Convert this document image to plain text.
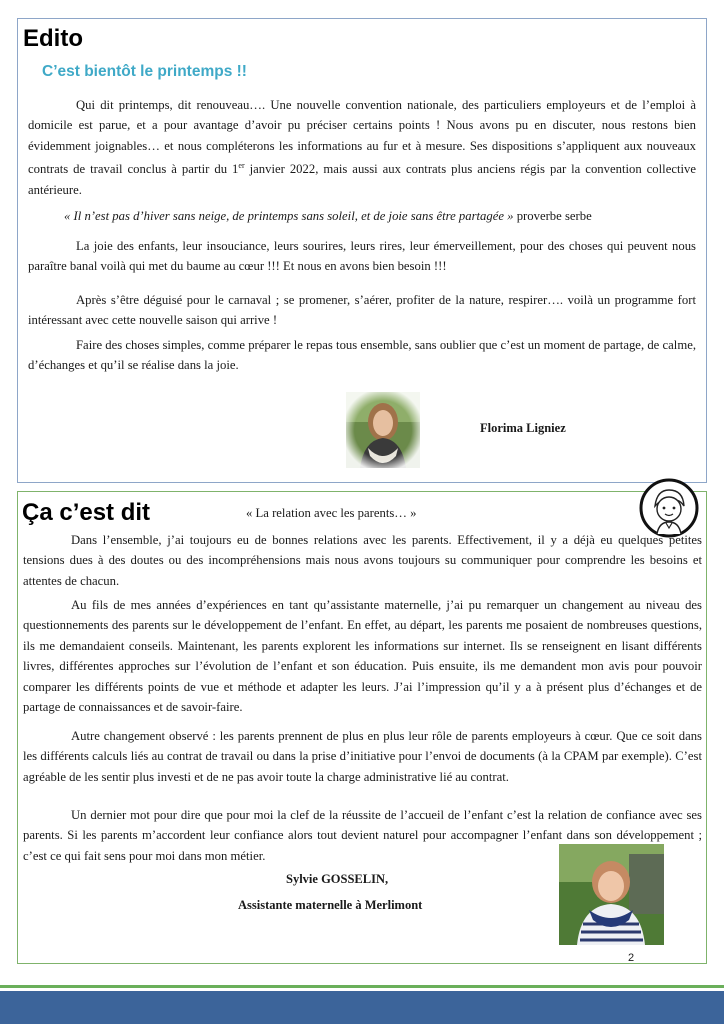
Edito
C’est bientôt le printemps !!

Qui dit printemps, dit renouveau…. Une nouvelle convention nationale, des particuliers employeurs et de l’emploi à domicile est parue, et a pour avantage d’avoir pu préciser certains points ! Nous avons pu en discuter, nous restons bien évidemment joignables… et nous compléterons les informations au fur et à mesure. Ses dispositions s’appliquent aux nouveaux contrats de travail conclus à partir du 1er janvier 2022, mais aussi aux contrats plus anciens régis par la convention collective antérieure.

« Il n’est pas d’hiver sans neige, de printemps sans soleil, et de joie sans être partagée » proverbe serbe

La joie des enfants, leur insouciance, leurs sourires, leurs rires, leur émerveillement, pour des choses qui peuvent nous paraître banal voilà qui met du baume au cœur !!! Et nous en avons bien besoin !!!

Après s’être déguisé pour le carnaval ; se promener, s’aérer, profiter de la nature, respirer…. voilà un programme fort intéressant avec cette nouvelle saison qui arrive !

Faire des choses simples, comme préparer le repas tous ensemble, sans oublier que c’est un moment de partage, de calme, d’échanges et qu’il se réalise dans la joie.

Florima Ligniez
Ça c’est dit	« La relation avec les parents… »

Dans l’ensemble, j’ai toujours eu de bonnes relations avec les parents. Effectivement, il y a déjà eu quelques petites tensions dues à des doutes ou des incompréhensions mais nous avons toujours su communiquer pour comprendre les besoins et attentes de chacun.

Au fils de mes années d’expériences en tant qu’assistante maternelle, j’ai pu remarquer un changement au niveau des questionnements des parents sur le développement de l’enfant. En effet, au départ, les parents me posaient de nombreuses questions, ils me demandaient conseils. Maintenant, les parents explorent les informations sur internet. Ils se renseignent en lisant différents livres, différentes approches sur l’évolution de l’enfant et son éducation. Puis ensuite, ils me demandent mon avis pour pouvoir comparer les différents points de vue et méthode et adapter les leurs. J’ai l’impression qu’il y a à présent plus d’échanges et de partage de connaissances et de savoir-faire.

Autre changement observé : les parents prennent de plus en plus leur rôle de parents employeurs à cœur. Que ce soit dans les différents calculs liés au contrat de travail ou dans la prise d’initiative pour l’envoi de documents (à la CPAM par exemple). C’est agréable de les sentir plus investi et de ne pas avoir toute la charge administrative lié au contrat.

Un dernier mot pour dire que pour moi la clef de la réussite de l’accueil de l’enfant c’est la relation de confiance avec ses parents. Si les parents m’accordent leur confiance alors tout devient naturel pour accompagner l’enfant dans son développement ; c’est ce qui fait sens pour moi dans mon métier.

Sylvie GOSSELIN,
Assistante maternelle à Merlimont
2
